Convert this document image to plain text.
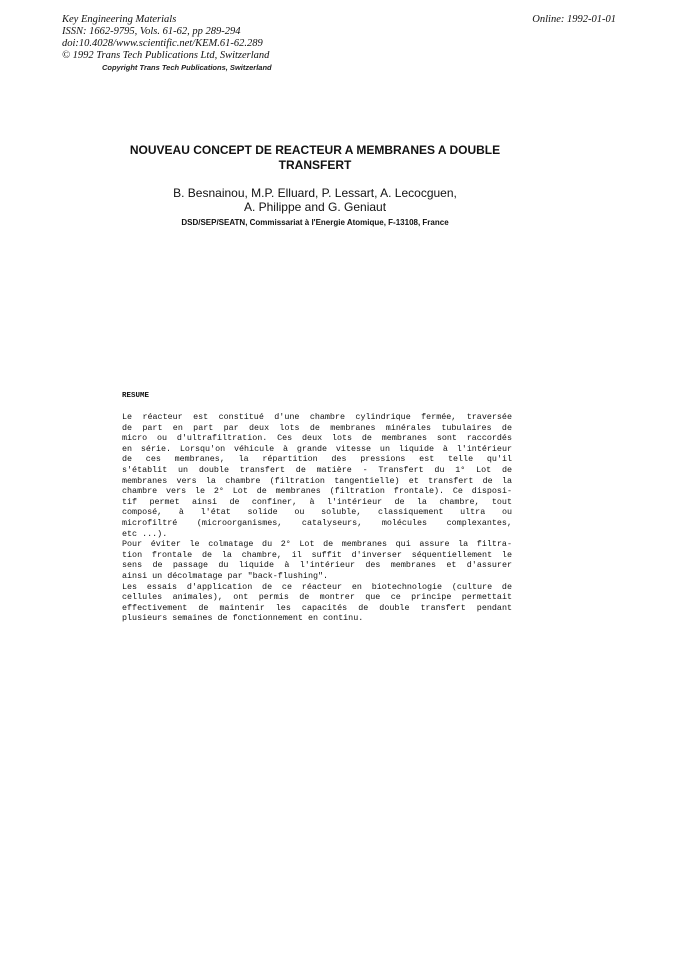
Key Engineering Materials
ISSN: 1662-9795, Vols. 61-62, pp 289-294
doi:10.4028/www.scientific.net/KEM.61-62.289
© 1992 Trans Tech Publications Ltd, Switzerland
Online: 1992-01-01
Copyright Trans Tech Publications, Switzerland
NOUVEAU CONCEPT DE REACTEUR A MEMBRANES A DOUBLE
TRANSFERT
B. Besnainou, M.P. Elluard, P. Lessart, A. Lecocguen,
A. Philippe and G. Geniaut
DSD/SEP/SEATN, Commissariat à l'Energie Atomique, F-13108, France
RESUME
Le réacteur est constitué d'une chambre cylindrique fermée, traversée
de part en part par deux lots de membranes minérales tubulaires de
micro ou d'ultrafiltration. Ces deux lots de membranes sont raccordés
en série. Lorsqu'on véhicule à grande vitesse un liquide à l'intérieur
de ces membranes, la répartition des pressions est telle qu'il
s'établit un double transfert de matière - Transfert du 1° Lot de
membranes vers la chambre (filtration tangentielle) et transfert de la
chambre vers le 2° Lot de membranes (filtration frontale). Ce disposi-
tif permet ainsi de confiner, à l'intérieur de la chambre, tout
composé, à l'état solide ou soluble, classiquement ultra ou
microfiltré (microorganismes, catalyseurs, molécules complexantes,
etc ...).
Pour éviter le colmatage du 2° Lot de membranes qui assure la filtra-
tion frontale de la chambre, il suffit d'inverser séquentiellement le
sens de passage du liquide à l'intérieur des membranes et d'assurer
ainsi un décolmatage par "back-flushing".
Les essais d'application de ce réacteur en biotechnologie (culture de
cellules animales), ont permis de montrer que ce principe permettait
effectivement de maintenir les capacités de double transfert pendant
plusieurs semaines de fonctionnement en continu.
